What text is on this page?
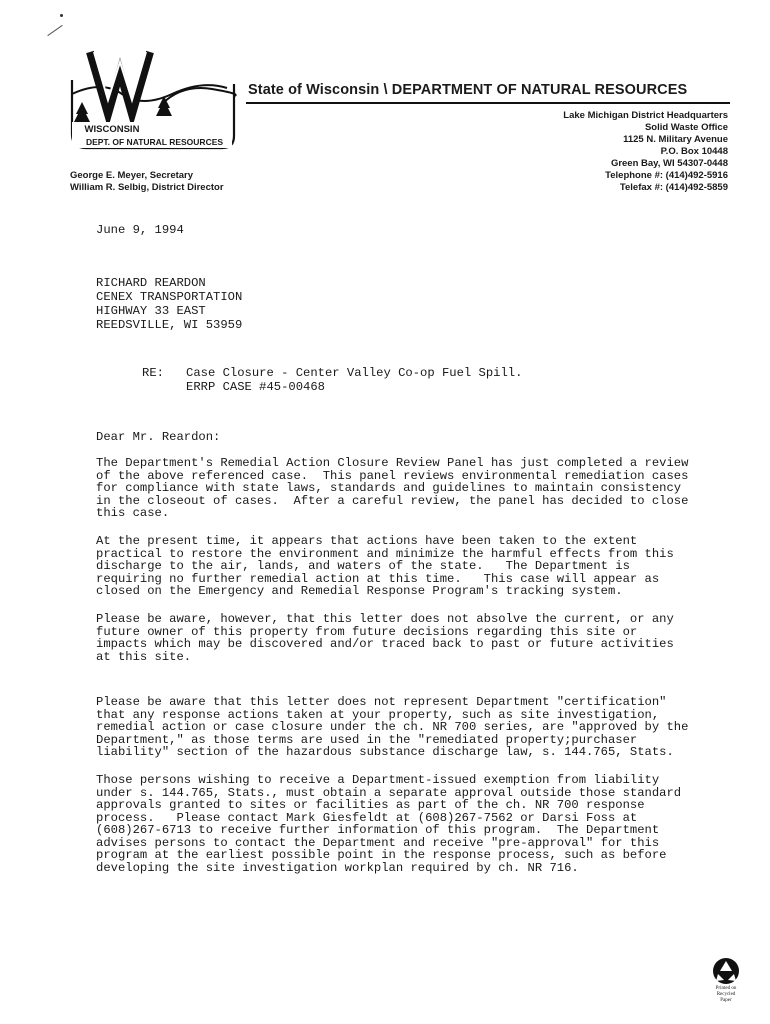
WISCONSIN
DEPT. OF NATURAL RESOURCES
State of Wisconsin \ DEPARTMENT OF NATURAL RESOURCES
George E. Meyer, Secretary
William R. Selbig, District Director
Lake Michigan District Headquarters
Solid Waste Office
1125 N. Military Avenue
P.O. Box 10448
Green Bay, WI 54307-0448
Telephone #: (414)492-5916
Telefax #: (414)492-5859
June 9, 1994
RICHARD REARDON
CENEX TRANSPORTATION
HIGHWAY 33 EAST
REEDSVILLE, WI 53959
RE: Case Closure - Center Valley Co-op Fuel Spill.
ERRP CASE #45-00468
Dear Mr. Reardon:
The Department's Remedial Action Closure Review Panel has just completed a review
of the above referenced case.  This panel reviews environmental remediation cases
for compliance with state laws, standards and guidelines to maintain consistency
in the closeout of cases.  After a careful review, the panel has decided to close
this case.
At the present time, it appears that actions have been taken to the extent
practical to restore the environment and minimize the harmful effects from this
discharge to the air, lands, and waters of the state.   The Department is
requiring no further remedial action at this time.   This case will appear as
closed on the Emergency and Remedial Response Program's tracking system.
Please be aware, however, that this letter does not absolve the current, or any
future owner of this property from future decisions regarding this site or
impacts which may be discovered and/or traced back to past or future activities
at this site.
Please be aware that this letter does not represent Department "certification"
that any response actions taken at your property, such as site investigation,
remedial action or case closure under the ch. NR 700 series, are "approved by the
Department," as those terms are used in the "remediated property;purchaser
liability" section of the hazardous substance discharge law, s. 144.765, Stats.
Those persons wishing to receive a Department-issued exemption from liability
under s. 144.765, Stats., must obtain a separate approval outside those standard
approvals granted to sites or facilities as part of the ch. NR 700 response
process.   Please contact Mark Giesfeldt at (608)267-7562 or Darsi Foss at
(608)267-6713 to receive further information of this program.  The Department
advises persons to contact the Department and receive "pre-approval" for this
program at the earliest possible point in the response process, such as before
developing the site investigation workplan required by ch. NR 716.
Printed on
Recycled
Paper
